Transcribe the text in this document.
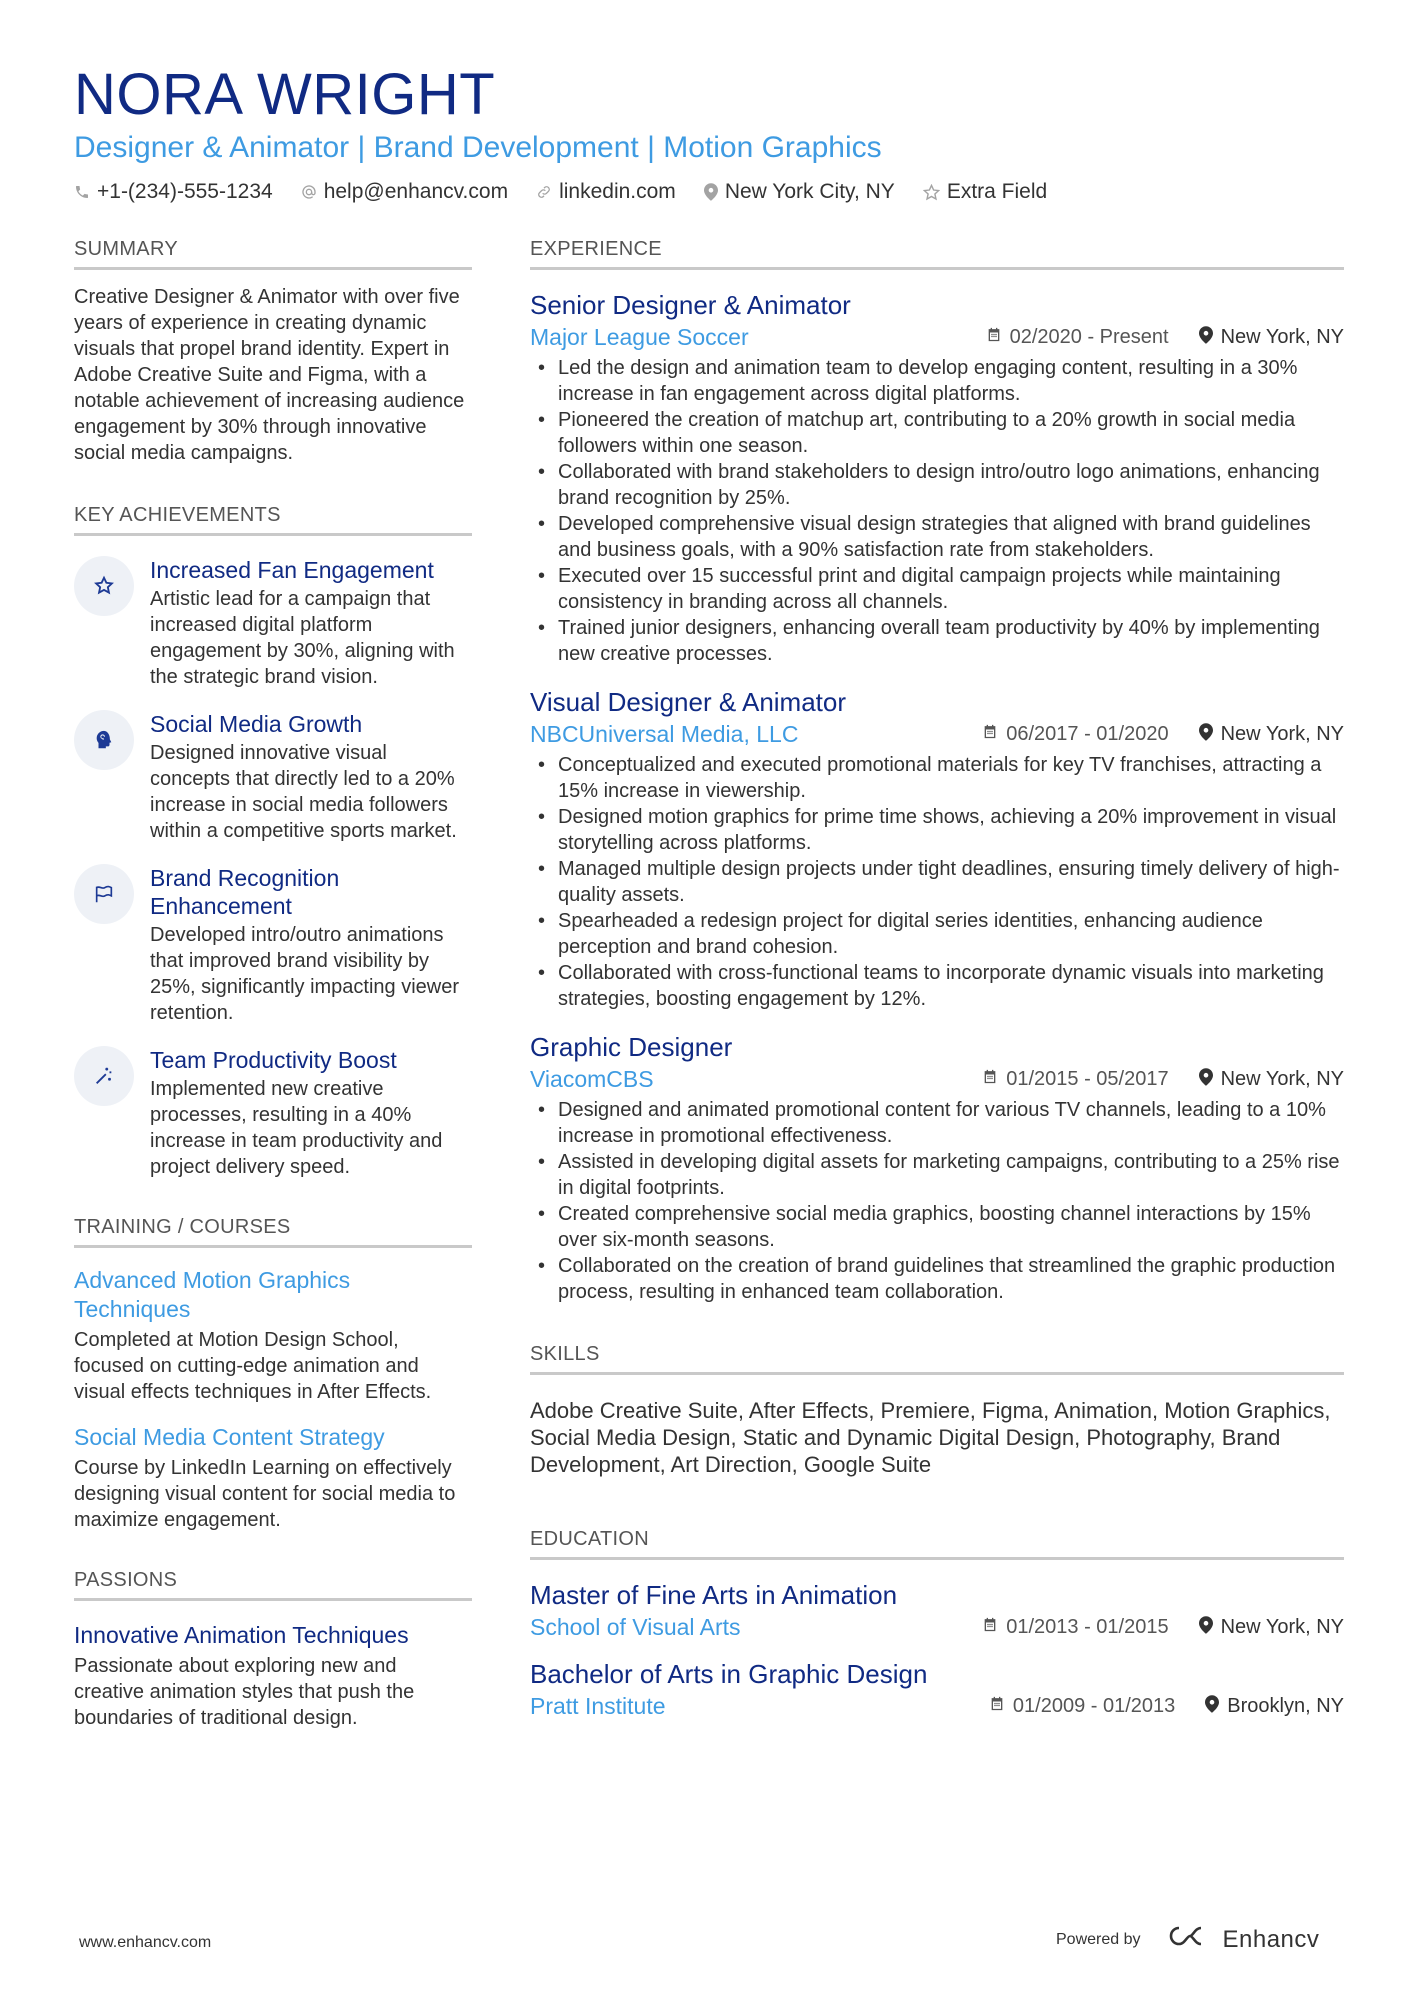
NORA WRIGHT
Designer & Animator | Brand Development | Motion Graphics
+1-(234)-555-1234 help@enhancv.com linkedin.com New York City, NY Extra Field
SUMMARY
Creative Designer & Animator with over five years of experience in creating dynamic visuals that propel brand identity. Expert in Adobe Creative Suite and Figma, with a notable achievement of increasing audience engagement by 30% through innovative social media campaigns.
KEY ACHIEVEMENTS
Increased Fan Engagement
Artistic lead for a campaign that increased digital platform engagement by 30%, aligning with the strategic brand vision.
Social Media Growth
Designed innovative visual concepts that directly led to a 20% increase in social media followers within a competitive sports market.
Brand Recognition Enhancement
Developed intro/outro animations that improved brand visibility by 25%, significantly impacting viewer retention.
Team Productivity Boost
Implemented new creative processes, resulting in a 40% increase in team productivity and project delivery speed.
TRAINING / COURSES
Advanced Motion Graphics Techniques
Completed at Motion Design School, focused on cutting-edge animation and visual effects techniques in After Effects.
Social Media Content Strategy
Course by LinkedIn Learning on effectively designing visual content for social media to maximize engagement.
PASSIONS
Innovative Animation Techniques
Passionate about exploring new and creative animation styles that push the boundaries of traditional design.
EXPERIENCE
Senior Designer & Animator
Major League Soccer	02/2020 - Present	New York, NY
• Led the design and animation team to develop engaging content, resulting in a 30% increase in fan engagement across digital platforms.
• Pioneered the creation of matchup art, contributing to a 20% growth in social media followers within one season.
• Collaborated with brand stakeholders to design intro/outro logo animations, enhancing brand recognition by 25%.
• Developed comprehensive visual design strategies that aligned with brand guidelines and business goals, with a 90% satisfaction rate from stakeholders.
• Executed over 15 successful print and digital campaign projects while maintaining consistency in branding across all channels.
• Trained junior designers, enhancing overall team productivity by 40% by implementing new creative processes.
Visual Designer & Animator
NBCUniversal Media, LLC	06/2017 - 01/2020	New York, NY
• Conceptualized and executed promotional materials for key TV franchises, attracting a 15% increase in viewership.
• Designed motion graphics for prime time shows, achieving a 20% improvement in visual storytelling across platforms.
• Managed multiple design projects under tight deadlines, ensuring timely delivery of high-quality assets.
• Spearheaded a redesign project for digital series identities, enhancing audience perception and brand cohesion.
• Collaborated with cross-functional teams to incorporate dynamic visuals into marketing strategies, boosting engagement by 12%.
Graphic Designer
ViacomCBS	01/2015 - 05/2017	New York, NY
• Designed and animated promotional content for various TV channels, leading to a 10% increase in promotional effectiveness.
• Assisted in developing digital assets for marketing campaigns, contributing to a 25% rise in digital footprints.
• Created comprehensive social media graphics, boosting channel interactions by 15% over six-month seasons.
• Collaborated on the creation of brand guidelines that streamlined the graphic production process, resulting in enhanced team collaboration.
SKILLS
Adobe Creative Suite, After Effects, Premiere, Figma, Animation, Motion Graphics, Social Media Design, Static and Dynamic Digital Design, Photography, Brand Development, Art Direction, Google Suite
EDUCATION
Master of Fine Arts in Animation
School of Visual Arts	01/2013 - 01/2015	New York, NY
Bachelor of Arts in Graphic Design
Pratt Institute	01/2009 - 01/2013	Brooklyn, NY
www.enhancv.com	Powered by	Enhancv
